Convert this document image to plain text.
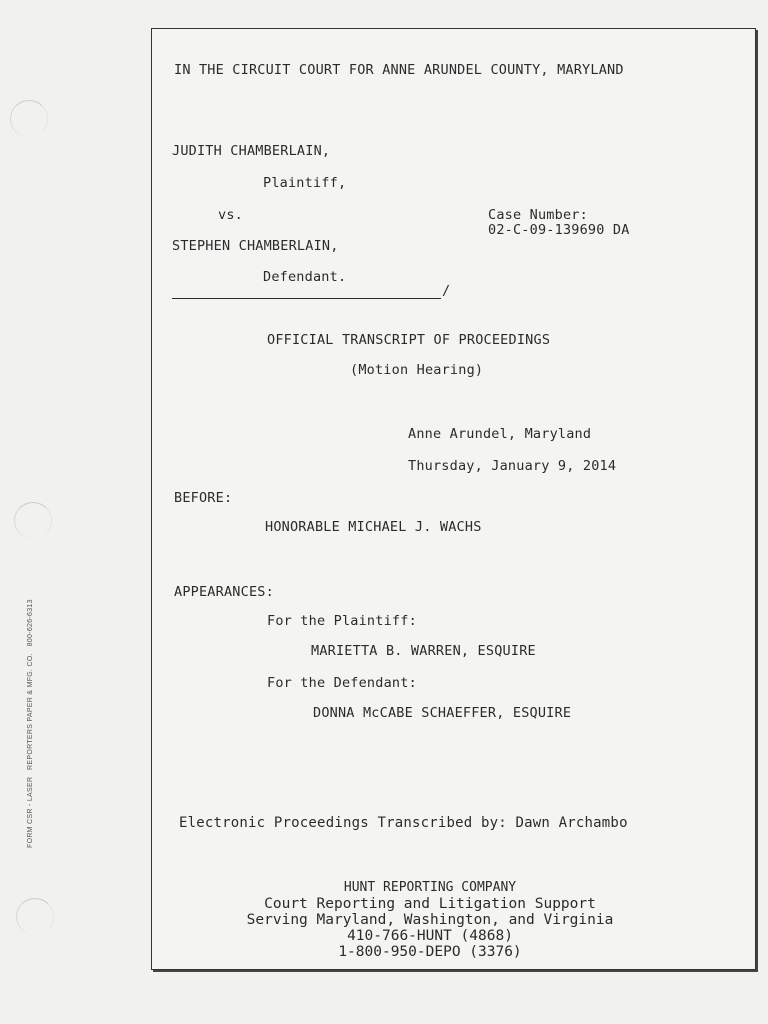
FORM CSR - LASER   REPORTERS PAPER & MFG. CO.   800-626-6313
IN THE CIRCUIT COURT FOR ANNE ARUNDEL COUNTY, MARYLAND
JUDITH CHAMBERLAIN,
Plaintiff,
vs.	Case Number:
02-C-09-139690 DA
STEPHEN CHAMBERLAIN,
Defendant.
/
OFFICIAL TRANSCRIPT OF PROCEEDINGS
(Motion Hearing)
Anne Arundel, Maryland
Thursday, January 9, 2014
BEFORE:
HONORABLE MICHAEL J. WACHS
APPEARANCES:
For the Plaintiff:
MARIETTA B. WARREN, ESQUIRE
For the Defendant:
DONNA McCABE SCHAEFFER, ESQUIRE
Electronic Proceedings Transcribed by: Dawn Archambo
HUNT REPORTING COMPANY
Court Reporting and Litigation Support
Serving Maryland, Washington, and Virginia
410-766-HUNT (4868)
1-800-950-DEPO (3376)
